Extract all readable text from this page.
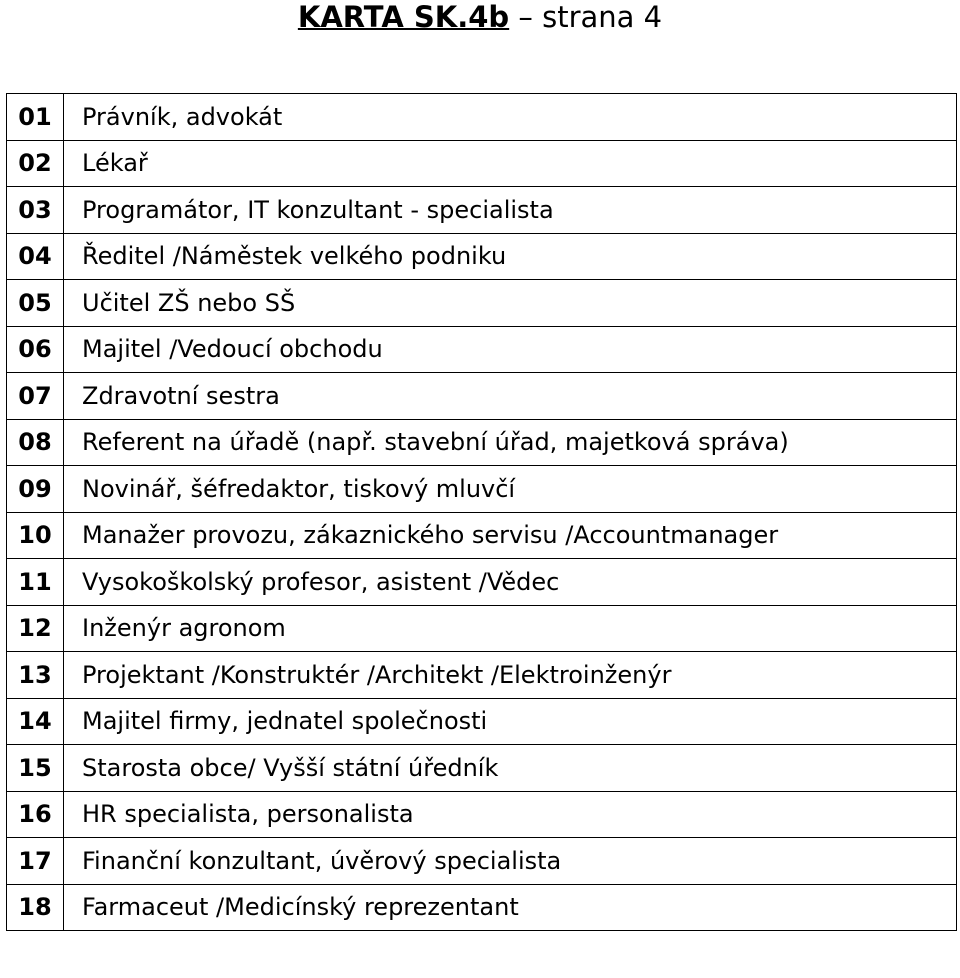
KARTA SK.4b – strana 4
01	Právník, advokát
02	Lékař
03	Programátor, IT konzultant - specialista
04	Ředitel /Náměstek velkého podniku
05	Učitel ZŠ nebo SŠ
06	Majitel /Vedoucí obchodu
07	Zdravotní sestra
08	Referent na úřadě (např. stavební úřad, majetková správa)
09	Novinář, šéfredaktor, tiskový mluvčí
10	Manažer provozu, zákaznického servisu /Accountmanager
11	Vysokoškolský profesor, asistent /Vědec
12	Inženýr agronom
13	Projektant /Konstruktér /Architekt /Elektroinženýr
14	Majitel firmy, jednatel společnosti
15	Starosta obce/ Vyšší státní úředník
16	HR specialista, personalista
17	Finanční konzultant, úvěrový specialista
18	Farmaceut /Medicínský reprezentant
